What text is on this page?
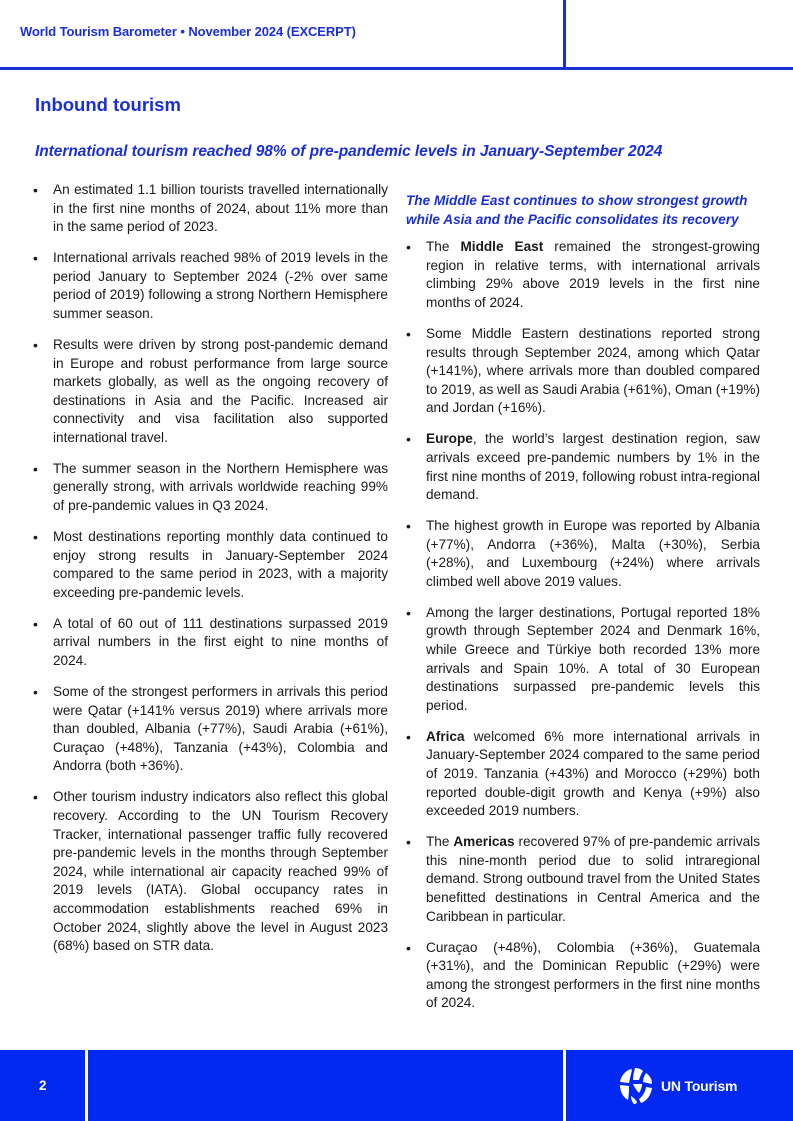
World Tourism Barometer • November 2024 (EXCERPT)
Inbound tourism
International tourism reached 98% of pre-pandemic levels in January-September 2024
• An estimated 1.1 billion tourists travelled internationally in the first nine months of 2024, about 11% more than in the same period of 2023.
• International arrivals reached 98% of 2019 levels in the period January to September 2024 (-2% over same period of 2019) following a strong Northern Hemisphere summer season.
• Results were driven by strong post-pandemic demand in Europe and robust performance from large source markets globally, as well as the ongoing recovery of destinations in Asia and the Pacific. Increased air connectivity and visa facilitation also supported international travel.
• The summer season in the Northern Hemisphere was generally strong, with arrivals worldwide reaching 99% of pre-pandemic values in Q3 2024.
• Most destinations reporting monthly data continued to enjoy strong results in January-September 2024 compared to the same period in 2023, with a majority exceeding pre-pandemic levels.
• A total of 60 out of 111 destinations surpassed 2019 arrival numbers in the first eight to nine months of 2024.
• Some of the strongest performers in arrivals this period were Qatar (+141% versus 2019) where arrivals more than doubled, Albania (+77%), Saudi Arabia (+61%), Curaçao (+48%), Tanzania (+43%), Colombia and Andorra (both +36%).
• Other tourism industry indicators also reflect this global recovery. According to the UN Tourism Recovery Tracker, international passenger traffic fully recovered pre-pandemic levels in the months through September 2024, while international air capacity reached 99% of 2019 levels (IATA). Global occupancy rates in accommodation establishments reached 69% in October 2024, slightly above the level in August 2023 (68%) based on STR data.
The Middle East continues to show strongest growth while Asia and the Pacific consolidates its recovery
• The Middle East remained the strongest-growing region in relative terms, with international arrivals climbing 29% above 2019 levels in the first nine months of 2024.
• Some Middle Eastern destinations reported strong results through September 2024, among which Qatar (+141%), where arrivals more than doubled compared to 2019, as well as Saudi Arabia (+61%), Oman (+19%) and Jordan (+16%).
• Europe, the world’s largest destination region, saw arrivals exceed pre-pandemic numbers by 1% in the first nine months of 2019, following robust intra-regional demand.
• The highest growth in Europe was reported by Albania (+77%), Andorra (+36%), Malta (+30%), Serbia (+28%), and Luxembourg (+24%) where arrivals climbed well above 2019 values.
• Among the larger destinations, Portugal reported 18% growth through September 2024 and Denmark 16%, while Greece and Türkiye both recorded 13% more arrivals and Spain 10%. A total of 30 European destinations surpassed pre-pandemic levels this period.
• Africa welcomed 6% more international arrivals in January-September 2024 compared to the same period of 2019. Tanzania (+43%) and Morocco (+29%) both reported double-digit growth and Kenya (+9%) also exceeded 2019 numbers.
• The Americas recovered 97% of pre-pandemic arrivals this nine-month period due to solid intraregional demand. Strong outbound travel from the United States benefitted destinations in Central America and the Caribbean in particular.
• Curaçao (+48%), Colombia (+36%), Guatemala (+31%), and the Dominican Republic (+29%) were among the strongest performers in the first nine months of 2024.
2	UN Tourism
